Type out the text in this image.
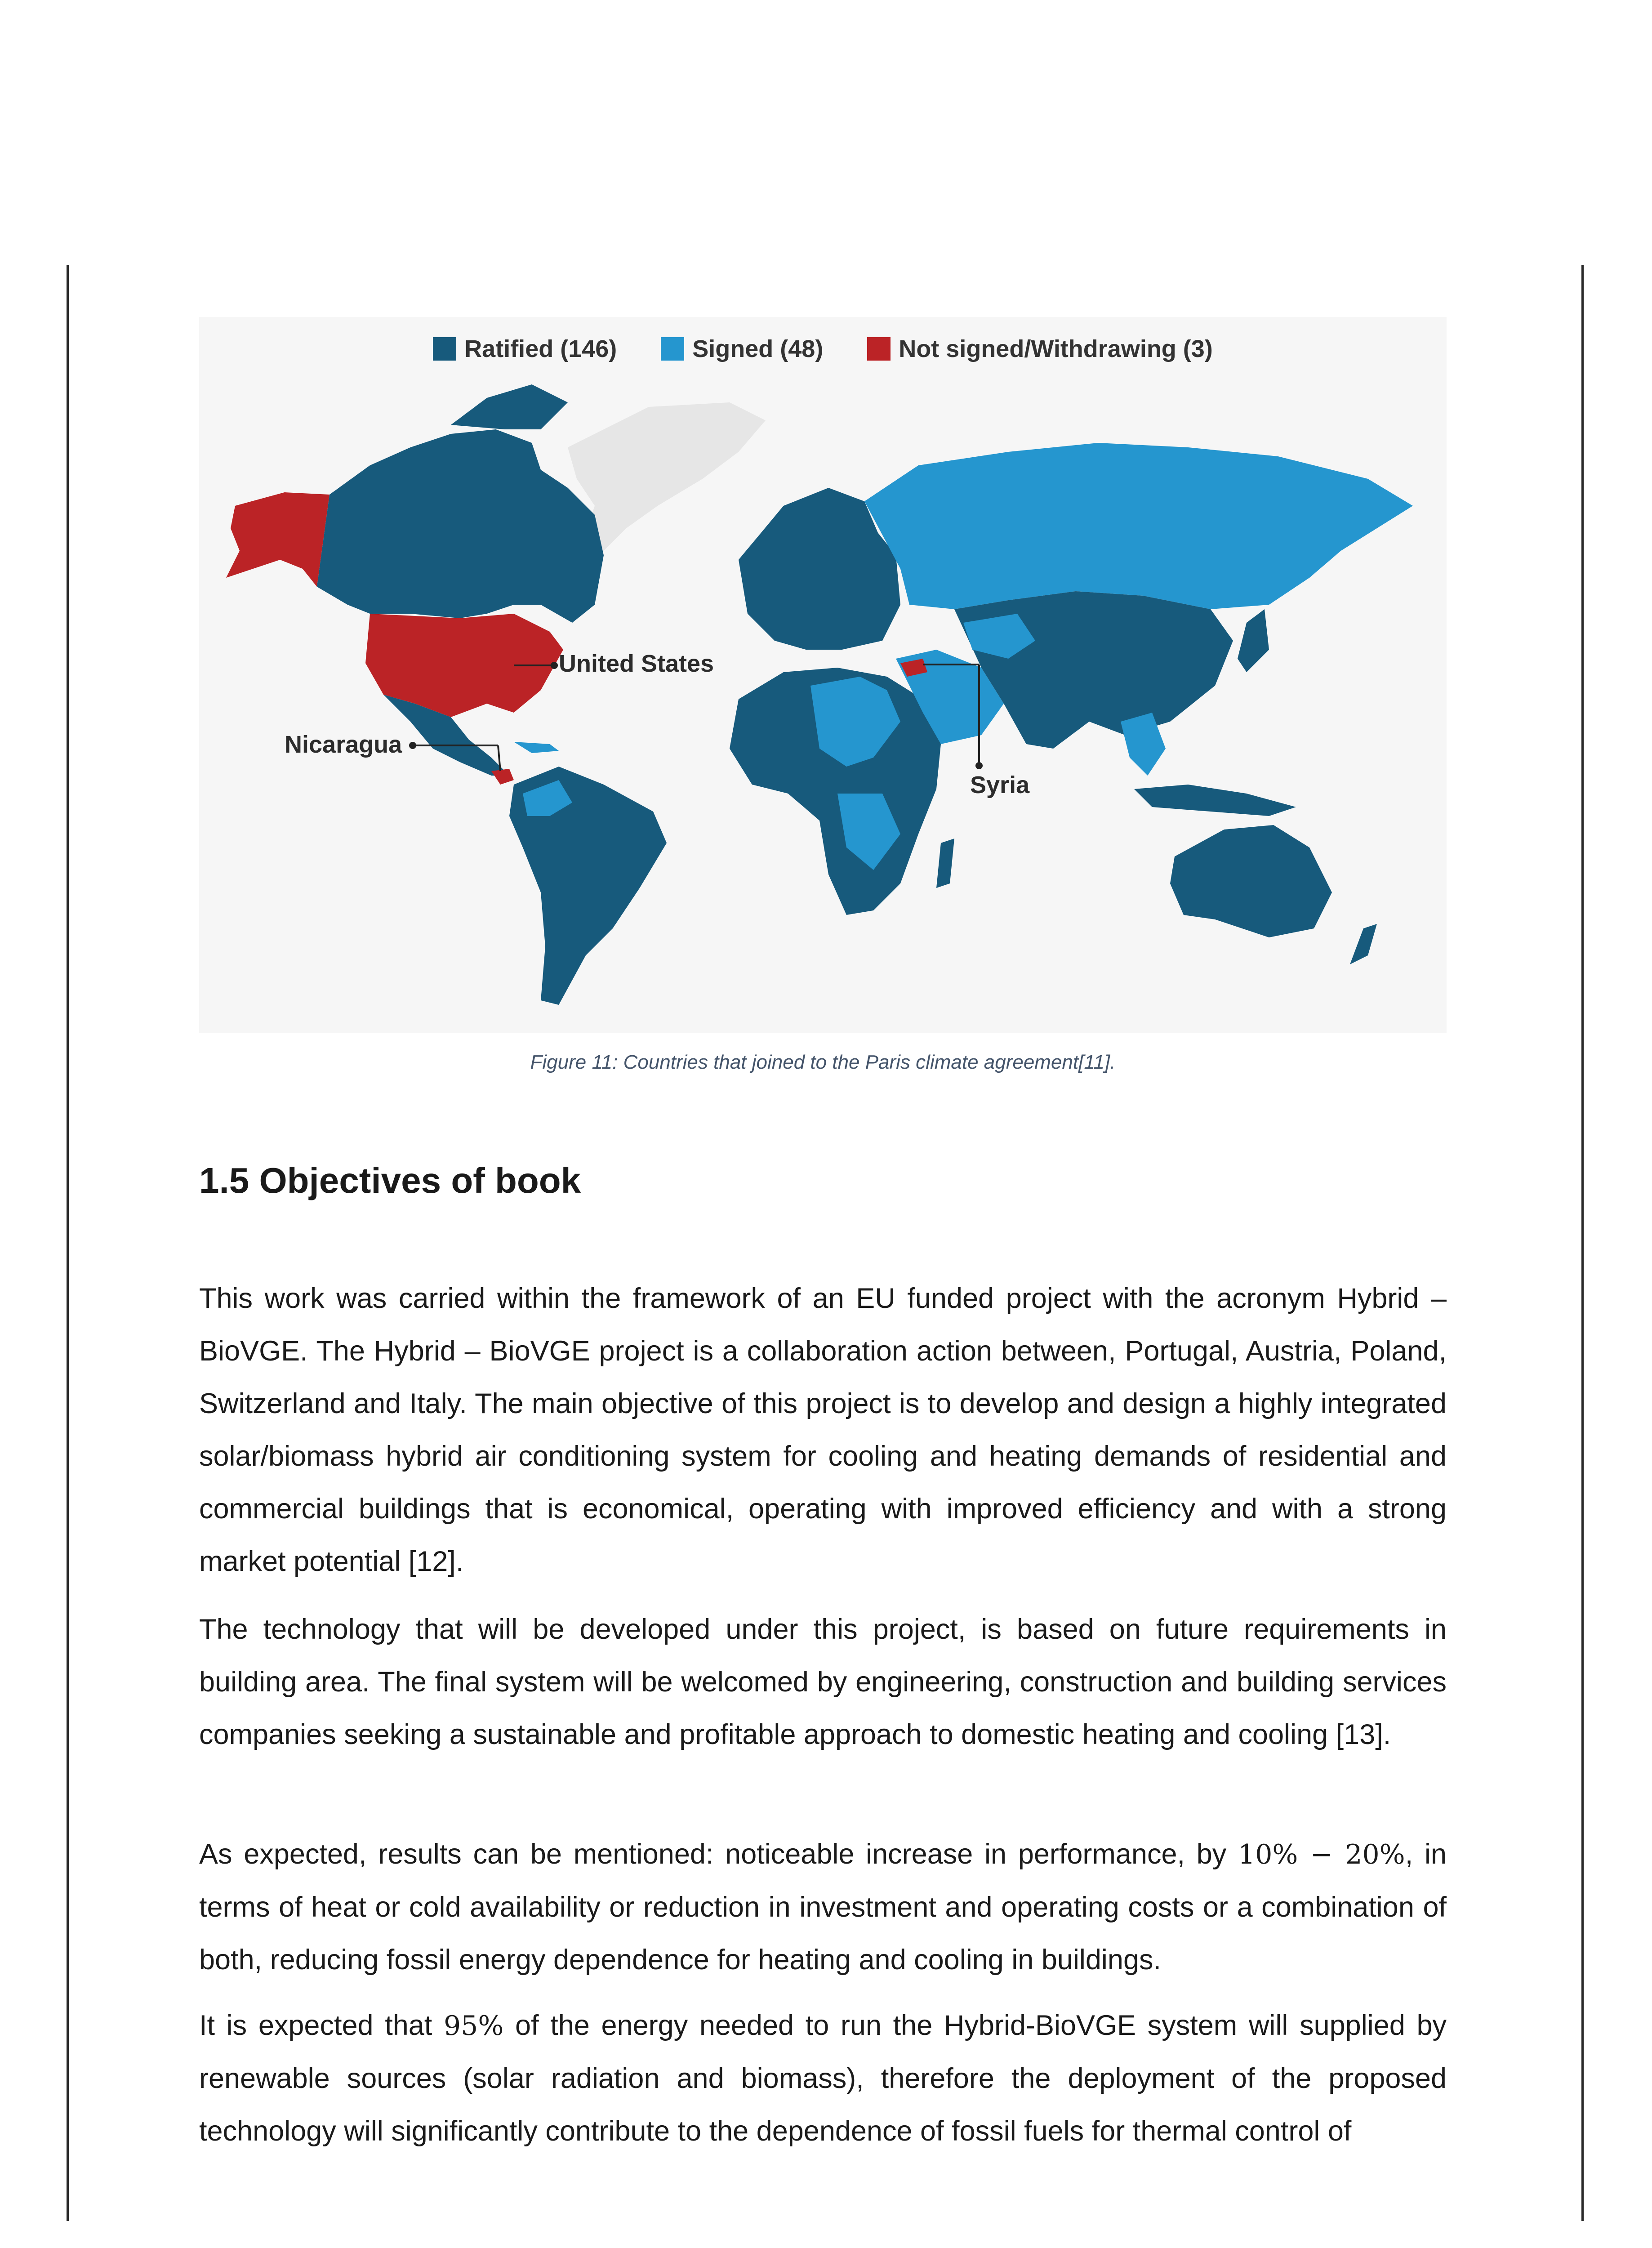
Ratified (146)	Signed (48)	Not signed/Withdrawing (3)
United States
Nicaragua
Syria
Figure 11: Countries that joined to the Paris climate agreement[11].
1.5 Objectives of book

This work was carried within the framework of an EU funded project with the acronym Hybrid – BioVGE. The Hybrid – BioVGE project is a collaboration action between, Portugal, Austria, Poland, Switzerland and Italy. The main objective of this project is to develop and design a highly integrated solar/biomass hybrid air conditioning system for cooling and heating demands of residential and commercial buildings that is economical, operating with improved efficiency and with a strong market potential [12].

The technology that will be developed under this project, is based on future requirements in building area. The final system will be welcomed by engineering, construction and building services companies seeking a sustainable and profitable approach to domestic heating and cooling [13].

As expected, results can be mentioned: noticeable increase in performance, by 10% − 20%, in terms of heat or cold availability or reduction in investment and operating costs or a combination of both, reducing fossil energy dependence for heating and cooling in buildings.

It is expected that 95% of the energy needed to run the Hybrid-BioVGE system will supplied by renewable sources (solar radiation and biomass), therefore the deployment of the proposed technology will significantly contribute to the dependence of fossil fuels for thermal control of
